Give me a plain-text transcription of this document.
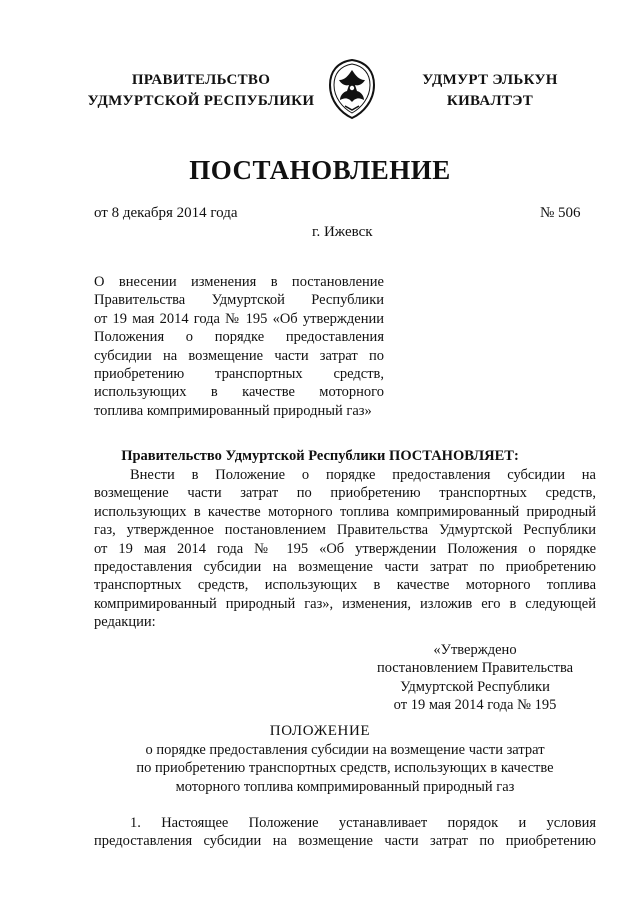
ПРАВИТЕЛЬСТВО
УДМУРТСКОЙ РЕСПУБЛИКИ
УДМУРТ ЭЛЬКУН
КИВАЛТЭТ
ПОСТАНОВЛЕНИЕ
от 8 декабря 2014 года	№ 506
г. Ижевск
О внесении изменения в постановление
Правительства Удмуртской Республики
от 19 мая 2014 года № 195 «Об утверждении
Положения о порядке предоставления
субсидии на возмещение части затрат по
приобретению транспортных средств,
использующих в качестве моторного
топлива компримированный природный газ»
Правительство Удмуртской Республики ПОСТАНОВЛЯЕТ:
Внести в Положение о порядке предоставления субсидии на
возмещение части затрат по приобретению транспортных средств,
использующих в качестве моторного топлива компримированный природный
газ, утвержденное постановлением Правительства Удмуртской Республики
от 19 мая 2014 года № 195 «Об утверждении Положения о порядке
предоставления субсидии на возмещение части затрат по приобретению
транспортных средств, использующих в качестве моторного топлива
компримированный природный газ», изменения, изложив его в следующей
редакции:
«Утверждено
постановлением Правительства
Удмуртской Республики
от 19 мая 2014 года № 195
ПОЛОЖЕНИЕ
о порядке предоставления субсидии на возмещение части затрат
по приобретению транспортных средств, использующих в качестве
моторного топлива компримированный природный газ
1. Настоящее Положение устанавливает порядок и условия
предоставления субсидии на возмещение части затрат по приобретению
